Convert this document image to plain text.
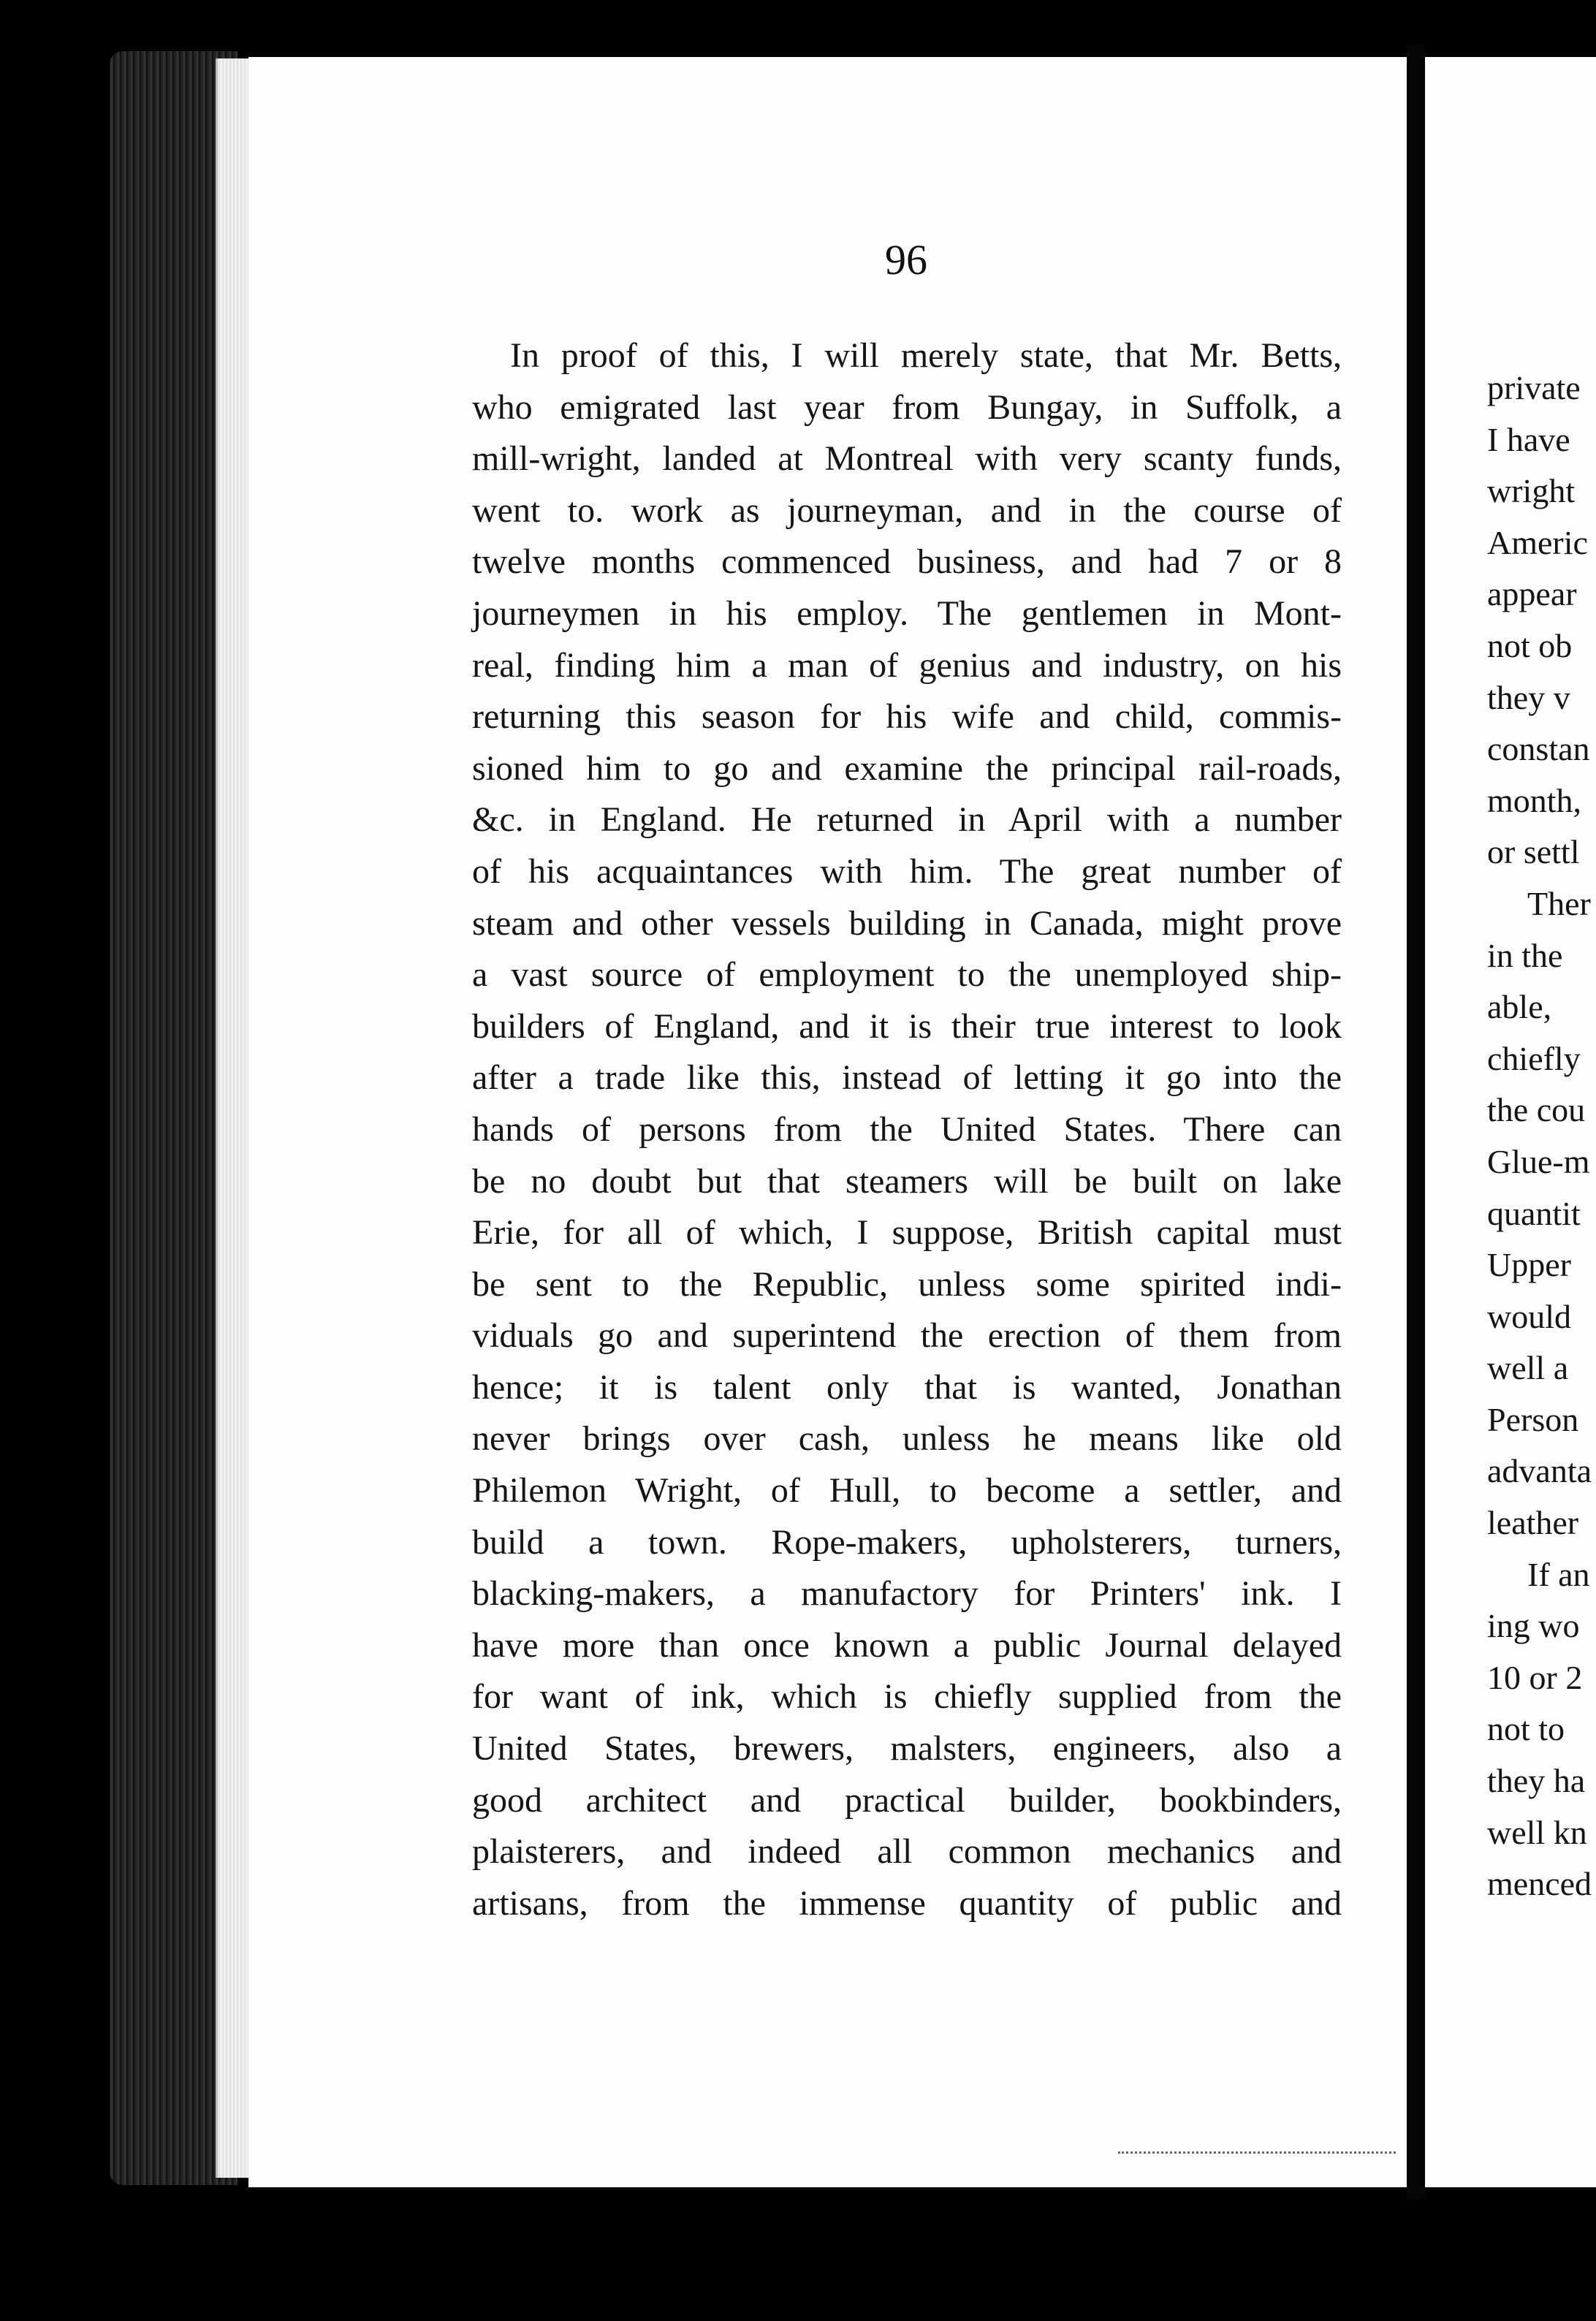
96
In proof of this, I will merely state, that Mr. Betts,
who emigrated last year from Bungay, in Suffolk, a
mill-wright, landed at Montreal with very scanty funds,
went to. work as journeyman, and in the course of
twelve months commenced business, and had 7 or 8
journeymen in his employ. The gentlemen in Mont-
real, finding him a man of genius and industry, on his
returning this season for his wife and child, commis-
sioned him to go and examine the principal rail-roads,
&c. in England. He returned in April with a number
of his acquaintances with him. The great number of
steam and other vessels building in Canada, might prove
a vast source of employment to the unemployed ship-
builders of England, and it is their true interest to look
after a trade like this, instead of letting it go into the
hands of persons from the United States. There can
be no doubt but that steamers will be built on lake
Erie, for all of which, I suppose, British capital must
be sent to the Republic, unless some spirited indi-
viduals go and superintend the erection of them from
hence; it is talent only that is wanted, Jonathan
never brings over cash, unless he means like old
Philemon Wright, of Hull, to become a settler, and
build a town. Rope-makers, upholsterers, turners,
blacking-makers, a manufactory for Printers' ink. I
have more than once known a public Journal delayed
for want of ink, which is chiefly supplied from the
United States, brewers, malsters, engineers, also a
good architect and practical builder, bookbinders,
plaisterers, and indeed all common mechanics and
artisans, from the immense quantity of public and
private
I have
wright
Americ
appear
not ob
they v
constan
month,
or settl
Ther
in the
able,
chiefly
the cou
Glue-m
quantit
Upper
would
well a
Person
advanta
leather
If an
ing wo
10 or 2
not to
they ha
well kn
menced
